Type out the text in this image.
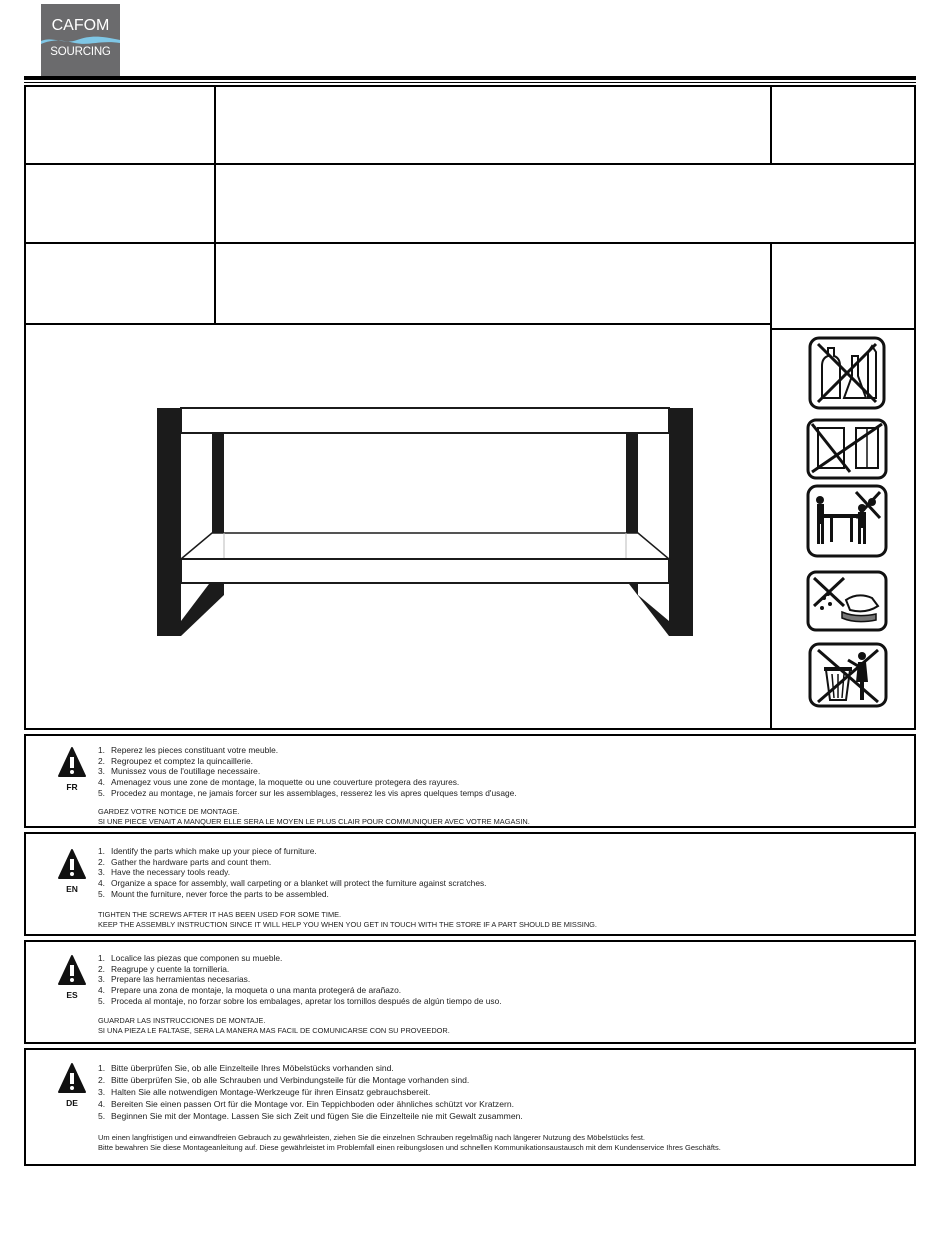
CAFOM
SOURCING
FR
1. Reperez les pieces constituant votre meuble.
2. Regroupez et comptez la quincaillerie.
3. Munissez vous de l'outillage necessaire.
4. Amenagez vous une zone de montage, la moquette ou une couverture protegera des rayures.
5. Procedez au montage, ne jamais forcer sur les assemblages, resserez les vis apres quelques temps d'usage.
GARDEZ VOTRE NOTICE DE MONTAGE.
SI UNE PIECE VENAIT A MANQUER ELLE SERA LE MOYEN LE PLUS CLAIR POUR COMMUNIQUER AVEC VOTRE MAGASIN.
EN
1. Identify the parts which make up your piece of furniture.
2. Gather the hardware parts and count them.
3. Have the necessary tools ready.
4. Organize a space for assembly, wall carpeting or a blanket will protect the furniture against scratches.
5. Mount the furniture, never force the parts to be assembled.
TIGHTEN THE SCREWS AFTER IT HAS BEEN USED FOR SOME TIME.
KEEP THE ASSEMBLY INSTRUCTION SINCE IT WILL HELP YOU WHEN YOU GET IN TOUCH WITH THE STORE IF A PART SHOULD BE MISSING.
ES
1. Localice las piezas que componen su mueble.
2. Reagrupe y cuente la tornilleria.
3. Prepare las herramientas necesarias.
4. Prepare una zona de montaje, la moqueta o una manta protegerá de arañazo.
5. Proceda al montaje, no forzar sobre los embalages, apretar los tornillos después de algún tiempo de uso.
GUARDAR LAS INSTRUCCIONES DE MONTAJE.
SI UNA PIEZA LE FALTASE, SERA LA MANERA MAS FACIL DE COMUNICARSE CON SU PROVEEDOR.
DE
1. Bitte überprüfen Sie, ob alle Einzelteile Ihres Möbelstücks vorhanden sind.
2. Bitte überprüfen Sie, ob alle Schrauben und Verbindungsteile für die Montage vorhanden sind.
3. Halten Sie alle notwendigen Montage-Werkzeuge für ihren Einsatz gebrauchsbereit.
4. Bereiten Sie einen passen Ort für die Montage vor. Ein Teppichboden oder ähnliches schützt vor Kratzern.
5. Beginnen Sie mit der Montage. Lassen Sie sich Zeit und fügen Sie die Einzelteile nie mit Gewalt zusammen.
Um einen langfristigen und einwandfreien Gebrauch zu gewährleisten, ziehen Sie die einzelnen Schrauben regelmäßig nach längerer Nutzung des Möbelstücks fest.
Bitte bewahren Sie diese Montageanleitung auf. Diese gewährleistet im Problemfall einen reibungslosen und schnellen Kommunikationsaustausch mit dem Kundenservice Ihres Geschäfts.
